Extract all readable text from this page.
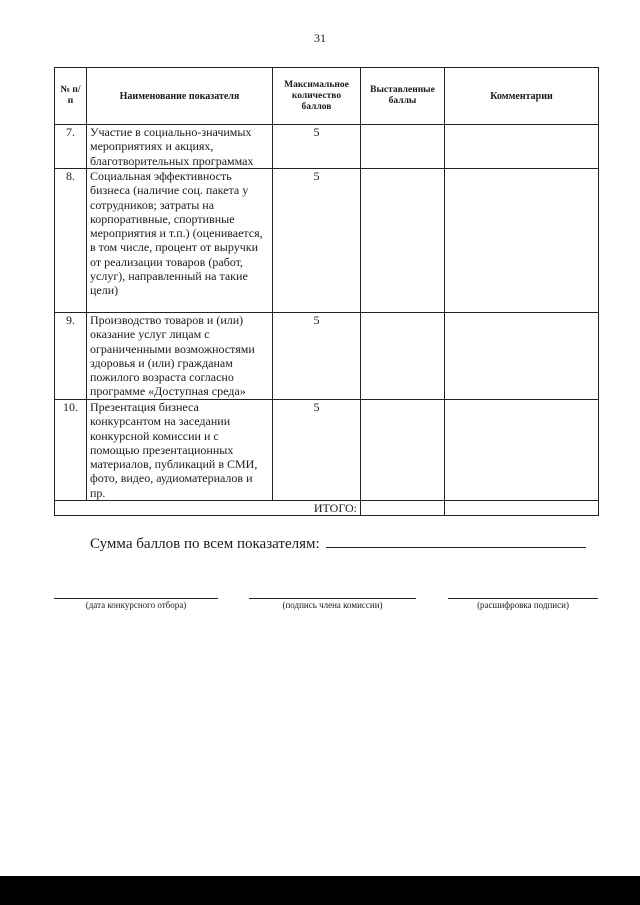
31
№ п/п	Наименование показателя	Максимальное количество баллов	Выставленные баллы	Комментарии
7.	Участие в социально-значимых мероприятиях и акциях, благотворительных программах	5		
8.	Социальная эффективность бизнеса (наличие соц. пакета у сотрудников; затраты на корпоративные, спортивные мероприятия и т.п.) (оценивается, в том числе, процент от выручки от реализации товаров (работ, услуг), направленный на такие цели)	5		
9.	Производство товаров и (или) оказание услуг лицам с ограниченными возможностями здоровья и (или) гражданам пожилого возраста согласно программе «Доступная среда»	5		
10.	Презентация бизнеса конкурсантом на заседании конкурсной комиссии и с помощью презентационных материалов, публикаций в СМИ, фото, видео, аудиоматериалов и пр.	5		
ИТОГО:				
Сумма баллов по всем показателям:
(дата конкурсного отбора)	(подпись члена комиссии)	(расшифровка подписи)
